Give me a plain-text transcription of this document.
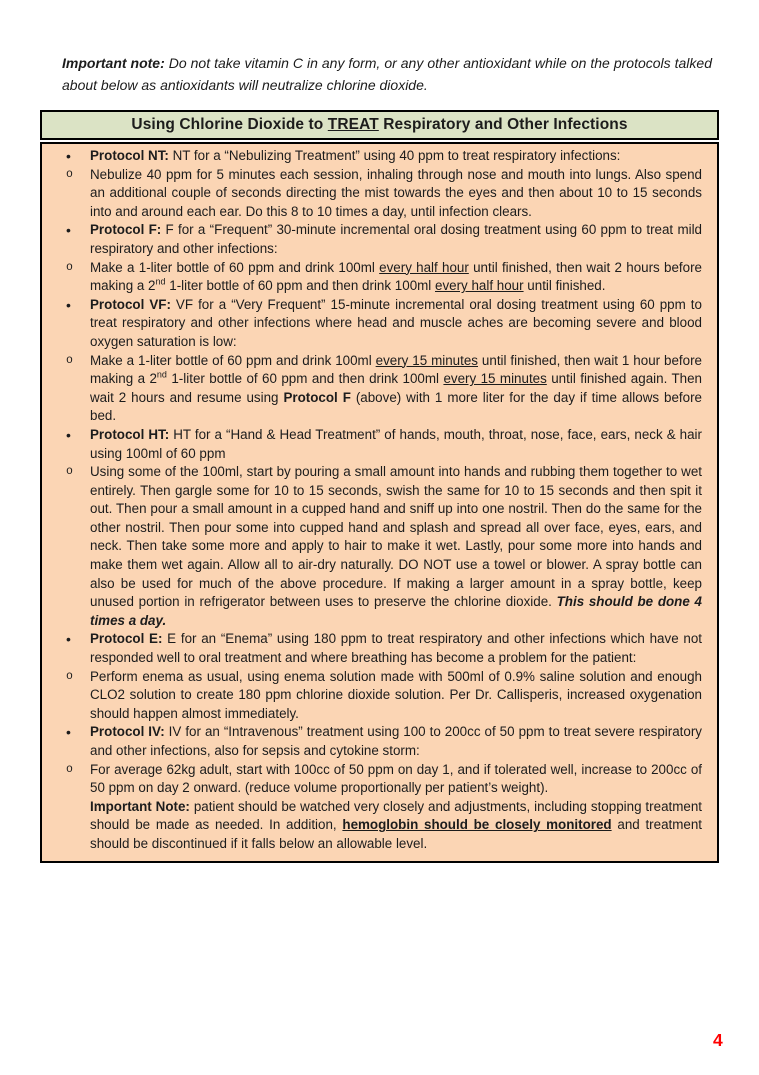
Important note: Do not take vitamin C in any form, or any other antioxidant while on the protocols talked about below as antioxidants will neutralize chlorine dioxide.
Using Chlorine Dioxide to TREAT Respiratory and Other Infections
•	Protocol NT: NT for a “Nebulizing Treatment” using 40 ppm to treat respiratory infections:
o	Nebulize 40 ppm for 5 minutes each session, inhaling through nose and mouth into lungs. Also spend an additional couple of seconds directing the mist towards the eyes and then about 10 to 15 seconds into and around each ear. Do this 8 to 10 times a day, until infection clears.
•	Protocol F: F for a “Frequent” 30-minute incremental oral dosing treatment using 60 ppm to treat mild respiratory and other infections:
o	Make a 1-liter bottle of 60 ppm and drink 100ml every half hour until finished, then wait 2 hours before making a 2nd 1-liter bottle of 60 ppm and then drink 100ml every half hour until finished.
•	Protocol VF: VF for a “Very Frequent” 15-minute incremental oral dosing treatment using 60 ppm to treat respiratory and other infections where head and muscle aches are becoming severe and blood oxygen saturation is low:
o	Make a 1-liter bottle of 60 ppm and drink 100ml every 15 minutes until finished, then wait 1 hour before making a 2nd 1-liter bottle of 60 ppm and then drink 100ml every 15 minutes until finished again. Then wait 2 hours and resume using Protocol F (above) with 1 more liter for the day if time allows before bed.
•	Protocol HT: HT for a “Hand & Head Treatment” of hands, mouth, throat, nose, face, ears, neck & hair using 100ml of 60 ppm
o	Using some of the 100ml, start by pouring a small amount into hands and rubbing them together to wet entirely. Then gargle some for 10 to 15 seconds, swish the same for 10 to 15 seconds and then spit it out. Then pour a small amount in a cupped hand and sniff up into one nostril. Then do the same for the other nostril. Then pour some into cupped hand and splash and spread all over face, eyes, ears, and neck. Then take some more and apply to hair to make it wet. Lastly, pour some more into hands and make them wet again. Allow all to air-dry naturally. DO NOT use a towel or blower. A spray bottle can also be used for much of the above procedure. If making a larger amount in a spray bottle, keep unused portion in refrigerator between uses to preserve the chlorine dioxide. This should be done 4 times a day.
•	Protocol E: E for an “Enema” using 180 ppm to treat respiratory and other infections which have not responded well to oral treatment and where breathing has become a problem for the patient:
o	Perform enema as usual, using enema solution made with 500ml of 0.9% saline solution and enough CLO2 solution to create 180 ppm chlorine dioxide solution. Per Dr. Callisperis, increased oxygenation should happen almost immediately.
•	Protocol IV: IV for an “Intravenous” treatment using 100 to 200cc of 50 ppm to treat severe respiratory and other infections, also for sepsis and cytokine storm:
o	For average 62kg adult, start with 100cc of 50 ppm on day 1, and if tolerated well, increase to 200cc of 50 ppm on day 2 onward. (reduce volume proportionally per patient’s weight).
Important Note: patient should be watched very closely and adjustments, including stopping treatment should be made as needed. In addition, hemoglobin should be closely monitored and treatment should be discontinued if it falls below an allowable level.
4
